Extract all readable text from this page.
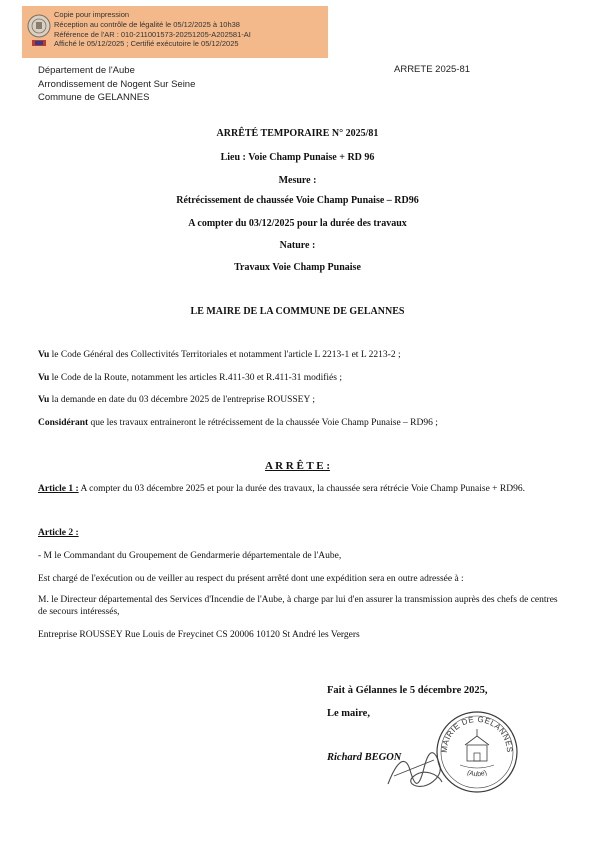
Copie pour impression
Réception au contrôle de légalité le 05/12/2025 à 10h38
Référence de l'AR : 010-211001573-20251205-A202581-AI
Affiché le 05/12/2025 ; Certifié exécutoire le 05/12/2025
Département de l'Aube
Arrondissement de Nogent Sur Seine
Commune de GELANNES
ARRETE 2025-81
ARRÊTÉ TEMPORAIRE N° 2025/81
Lieu : Voie Champ Punaise + RD 96
Mesure :
Rétrécissement de chaussée Voie Champ Punaise – RD96
A compter du 03/12/2025 pour la durée des travaux
Nature :
Travaux Voie Champ Punaise
LE MAIRE DE LA COMMUNE DE GELANNES
Vu le Code Général des Collectivités Territoriales et notamment l'article L 2213-1 et L 2213-2 ;
Vu le Code de la Route, notamment les articles R.411-30 et R.411-31 modifiés ;
Vu la demande en date du 03 décembre 2025 de l'entreprise ROUSSEY ;
Considérant que les travaux entraineront le rétrécissement de la chaussée Voie Champ Punaise – RD96 ;
A R R Ê T E :
Article 1 : A compter du 03 décembre 2025 et pour la durée des travaux, la chaussée sera rétrécie Voie Champ Punaise + RD96.
Article 2 :
- M le Commandant du Groupement de Gendarmerie départementale de l'Aube,
Est chargé de l'exécution ou de veiller au respect du présent arrêté dont une expédition sera en outre adressée à :
M. le Directeur départemental des Services d'Incendie de l'Aube, à charge par lui d'en assurer la transmission auprès des chefs de centres de secours intéressés,
Entreprise ROUSSEY Rue Louis de Freycinet CS 20006 10120 St André les Vergers
Fait à Gélannes le 5 décembre 2025,
Le maire,
Richard BEGON
MAIRIE DE GELANNES
(Aube)
